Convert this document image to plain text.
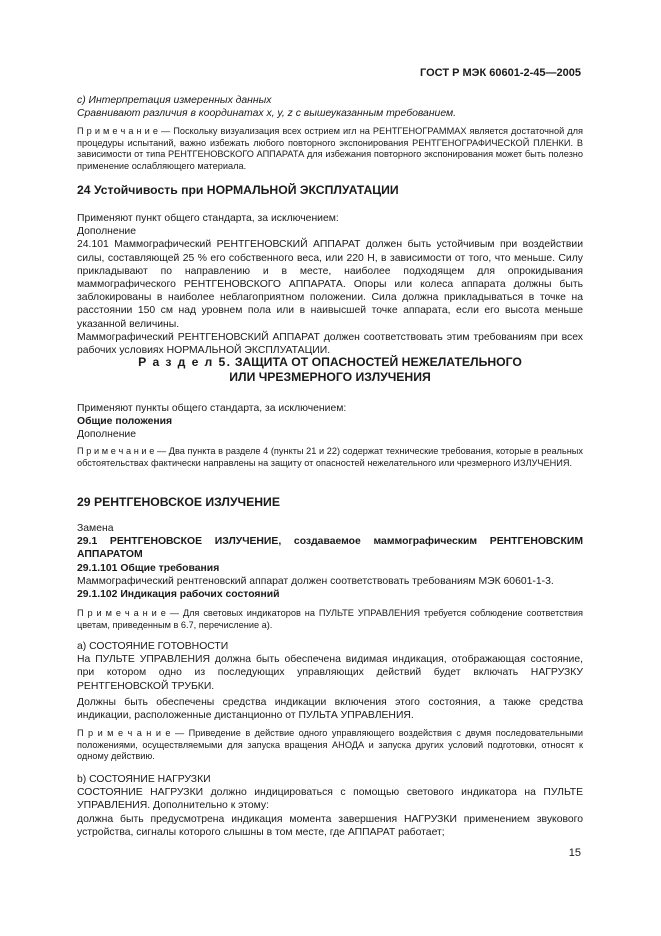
ГОСТ Р МЭК 60601-2-45—2005

c) Интерпретация измеренных данных

Сравнивают различия в координатах x, y, z с вышеуказанным требованием.

П р и м е ч а н и е — Поскольку визуализация всех острием игл на РЕНТГЕНОГРАММАХ является достаточной для процедуры испытаний, важно избежать любого повторного экспонирования РЕНТГЕНОГРАФИЧЕСКОЙ ПЛЕНКИ. В зависимости от типа РЕНТГЕНОВСКОГО АППАРАТА для избежания повторного экспонирования может быть полезно применение ослабляющего материала.

24 Устойчивость при НОРМАЛЬНОЙ ЭКСПЛУАТАЦИИ

Применяют пункт общего стандарта, за исключением:

Дополнение

24.101 Маммографический РЕНТГЕНОВСКИЙ АППАРАТ должен быть устойчивым при воздействии силы, составляющей 25 % его собственного веса, или 220 Н, в зависимости от того, что меньше. Силу прикладывают по направлению и в месте, наиболее подходящем для опрокидывания маммографического РЕНТГЕНОВСКОГО АППАРАТА. Опоры или колеса аппарата должны быть заблокированы в наиболее неблагоприятном положении. Сила должна прикладываться в точке на расстоянии 150 см над уровнем пола или в наивысшей точке аппарата, если его высота меньше указанной величины.

Маммографический РЕНТГЕНОВСКИЙ АППАРАТ должен соответствовать этим требованиям при всех рабочих условиях НОРМАЛЬНОЙ ЭКСПЛУАТАЦИИ.

Р а з д е л 5. ЗАЩИТА ОТ ОПАСНОСТЕЙ НЕЖЕЛАТЕЛЬНОГО

ИЛИ ЧРЕЗМЕРНОГО ИЗЛУЧЕНИЯ

Применяют пункты общего стандарта, за исключением:

Общие положения

Дополнение

П р и м е ч а н и е — Два пункта в разделе 4 (пункты 21 и 22) содержат технические требования, которые в реальных обстоятельствах фактически направлены на защиту от опасностей нежелательного или чрезмерного ИЗЛУЧЕНИЯ.

29 РЕНТГЕНОВСКОЕ ИЗЛУЧЕНИЕ

Замена

29.1 РЕНТГЕНОВСКОЕ ИЗЛУЧЕНИЕ, создаваемое маммографическим РЕНТГЕНОВСКИМ АППАРАТОМ

29.1.101 Общие требования

Маммографический рентгеновский аппарат должен соответствовать требованиям МЭК 60601-1-3.

29.1.102 Индикация рабочих состояний

П р и м е ч а н и е — Для световых индикаторов на ПУЛЬТЕ УПРАВЛЕНИЯ требуется соблюдение соответствия цветам, приведенным в 6.7, перечисление а).

a) СОСТОЯНИЕ ГОТОВНОСТИ

На ПУЛЬТЕ УПРАВЛЕНИЯ должна быть обеспечена видимая индикация, отображающая состояние, при котором одно из последующих управляющих действий будет включать НАГРУЗКУ РЕНТГЕНОВСКОЙ ТРУБКИ.

Должны быть обеспечены средства индикации включения этого состояния, а также средства индикации, расположенные дистанционно от ПУЛЬТА УПРАВЛЕНИЯ.

П р и м е ч а н и е — Приведение в действие одного управляющего воздействия с двумя последовательными положениями, осуществляемыми для запуска вращения АНОДА и запуска других условий подготовки, относят к одному действию.

b) СОСТОЯНИЕ НАГРУЗКИ

СОСТОЯНИЕ НАГРУЗКИ должно индицироваться с помощью светового индикатора на ПУЛЬТЕ УПРАВЛЕНИЯ. Дополнительно к этому:

должна быть предусмотрена индикация момента завершения НАГРУЗКИ применением звукового устройства, сигналы которого слышны в том месте, где АППАРАТ работает;

15
